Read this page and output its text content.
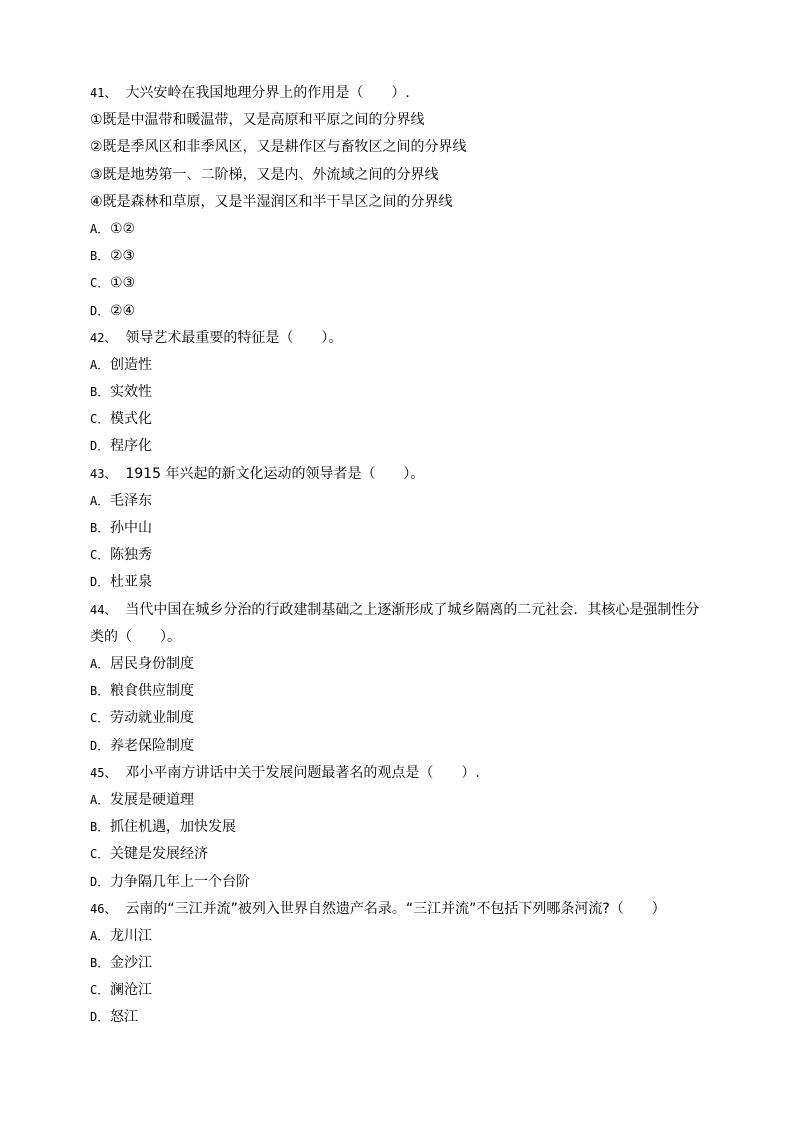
41、 大兴安岭在我国地理分界上的作用是（　　）.
①既是中温带和暖温带，又是高原和平原之间的分界线
②既是季风区和非季风区，又是耕作区与畜牧区之间的分界线
③既是地势第一、二阶梯，又是内、外流域之间的分界线
④既是森林和草原，又是半湿润区和半干旱区之间的分界线
A．①②
B．②③
C．①③
D．②④
42、 领导艺术最重要的特征是（　　）。
A．创造性
B．实效性
C．模式化
D．程序化
43、 1915 年兴起的新文化运动的领导者是（　　）。
A．毛泽东
B．孙中山
C．陈独秀
D．杜亚泉
44、 当代中国在城乡分治的行政建制基础之上逐渐形成了城乡隔离的二元社会．其核心是强制性分类的（　　）。
A．居民身份制度
B．粮食供应制度
C．劳动就业制度
D．养老保险制度
45、 邓小平南方讲话中关于发展问题最著名的观点是（　　）.
A．发展是硬道理
B．抓住机遇，加快发展
C．关键是发展经济
D．力争隔几年上一个台阶
46、 云南的“三江并流”被列入世界自然遗产名录。“三江并流”不包括下列哪条河流?（　　）
A．龙川江
B．金沙江
C．澜沧江
D．怒江
